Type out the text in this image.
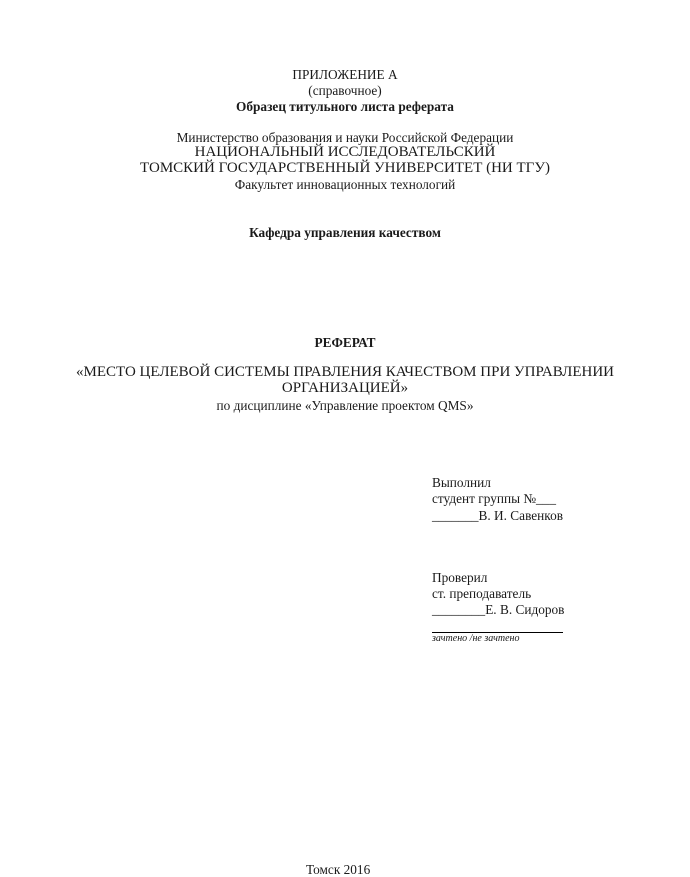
ПРИЛОЖЕНИЕ А
(справочное)
Образец титульного листа реферата
Министерство образования и науки Российской Федерации
НАЦИОНАЛЬНЫЙ ИССЛЕДОВАТЕЛЬСКИЙ
ТОМСКИЙ ГОСУДАРСТВЕННЫЙ УНИВЕРСИТЕТ (НИ ТГУ)
Факультет инновационных технологий
Кафедра управления качеством
РЕФЕРАТ
«МЕСТО ЦЕЛЕВОЙ СИСТЕМЫ ПРАВЛЕНИЯ КАЧЕСТВОМ ПРИ УПРАВЛЕНИИ
ОРГАНИЗАЦИЕЙ»
по дисциплине «Управление проектом QMS»
Выполнил
студент группы №___
_______В. И. Савенков
Проверил
ст. преподаватель
________Е. В. Сидоров
зачтено /не зачтено
Томск 2016
